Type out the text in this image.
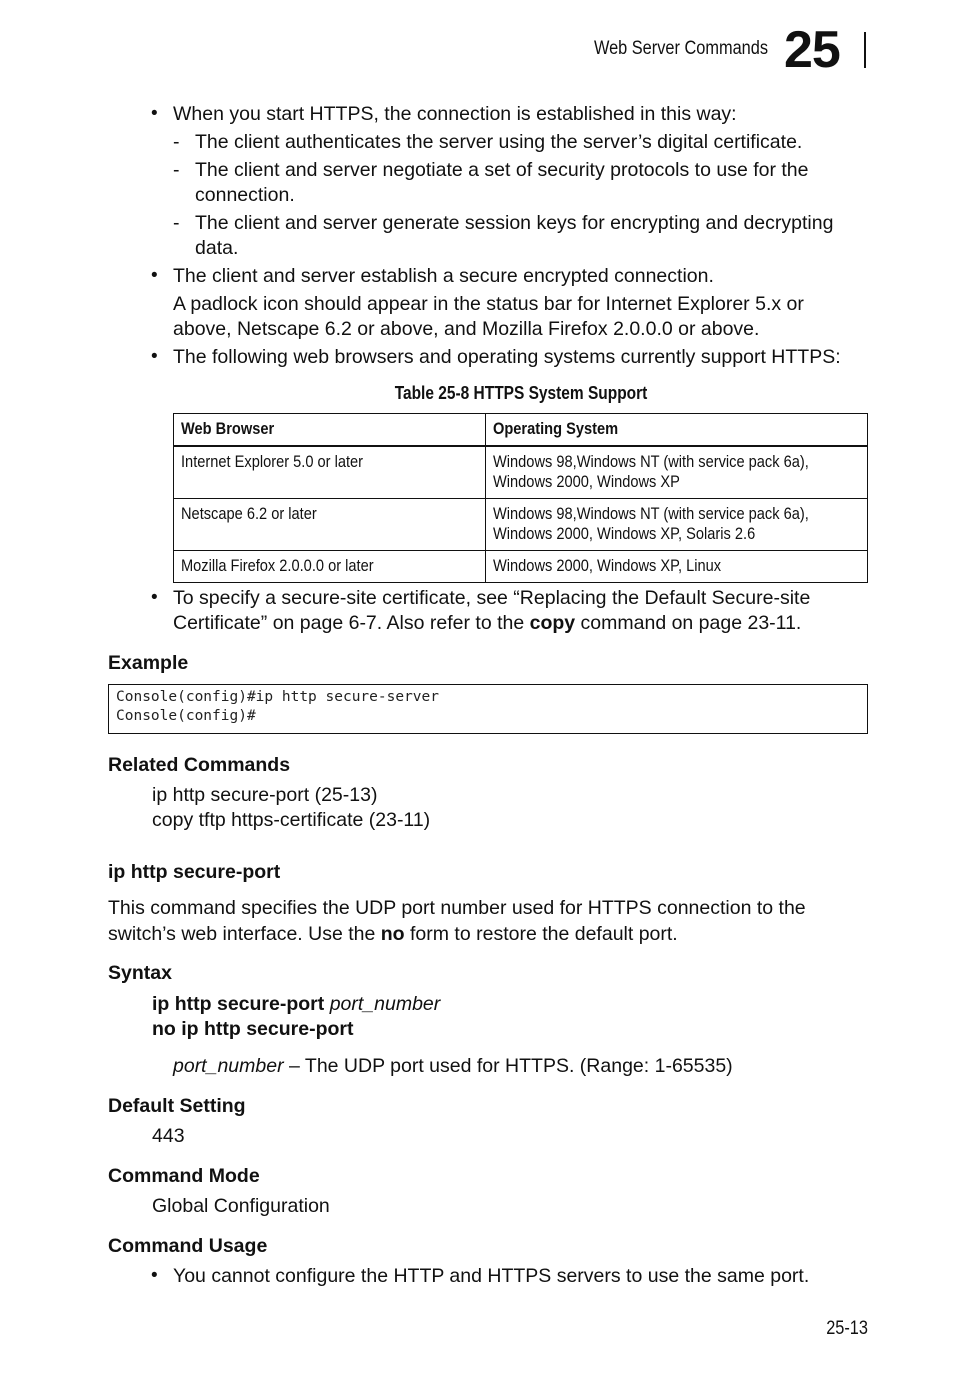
Web Server Commands 25
• When you start HTTPS, the connection is established in this way:
- The client authenticates the server using the server’s digital certificate.
- The client and server negotiate a set of security protocols to use for the
connection.
- The client and server generate session keys for encrypting and decrypting
data.
• The client and server establish a secure encrypted connection.
A padlock icon should appear in the status bar for Internet Explorer 5.x or
above, Netscape 6.2 or above, and Mozilla Firefox 2.0.0.0 or above.
• The following web browsers and operating systems currently support HTTPS:
Table 25-8 HTTPS System Support
Web Browser	Operating System
Internet Explorer 5.0 or later	Windows 98,Windows NT (with service pack 6a),
Windows 2000, Windows XP
Netscape 6.2 or later	Windows 98,Windows NT (with service pack 6a),
Windows 2000, Windows XP, Solaris 2.6
Mozilla Firefox 2.0.0.0 or later	Windows 2000, Windows XP, Linux
• To specify a secure-site certificate, see “Replacing the Default Secure-site
Certificate” on page 6-7. Also refer to the copy command on page 23-11.
Example
Console(config)#ip http secure-server
Console(config)#
Related Commands
ip http secure-port (25-13)
copy tftp https-certificate (23-11)
ip http secure-port
This command specifies the UDP port number used for HTTPS connection to the
switch’s web interface. Use the no form to restore the default port.
Syntax
ip http secure-port port_number
no ip http secure-port
port_number – The UDP port used for HTTPS. (Range: 1-65535)
Default Setting
443
Command Mode
Global Configuration
Command Usage
• You cannot configure the HTTP and HTTPS servers to use the same port.
25-13
